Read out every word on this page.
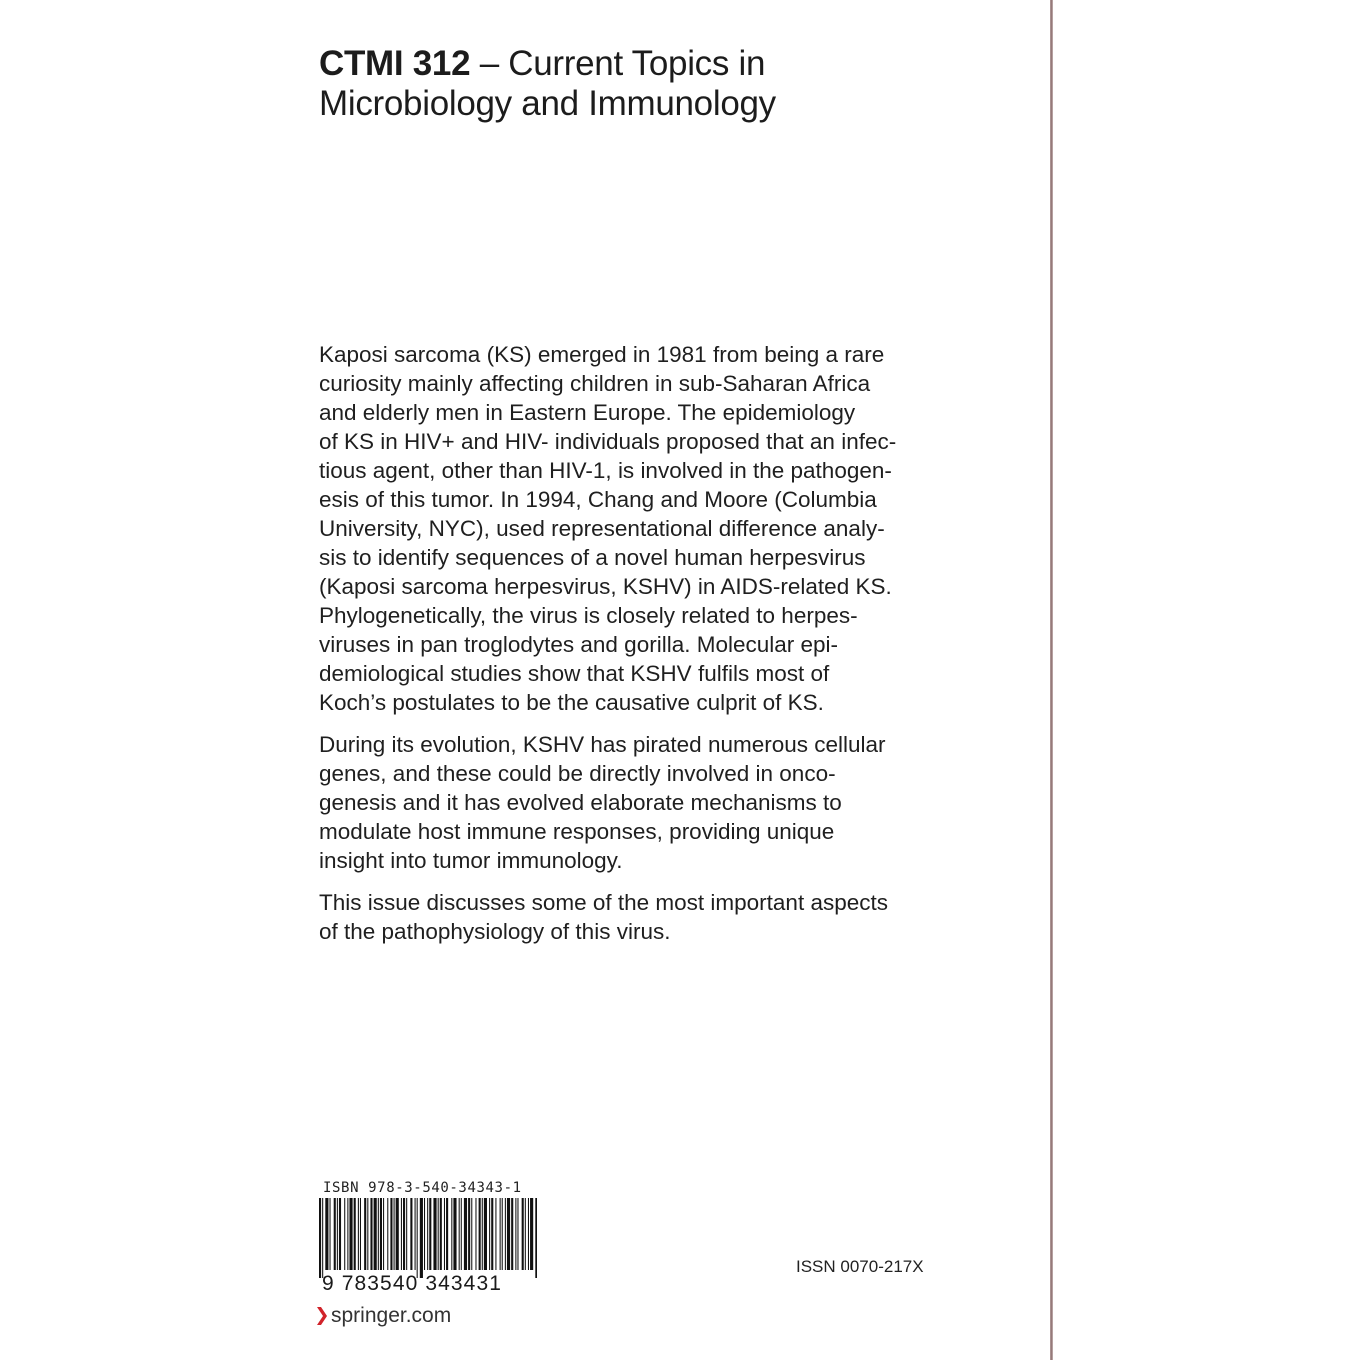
CTMI 312 – Current Topics in
Microbiology and Immunology

Kaposi sarcoma (KS) emerged in 1981 from being a rare
curiosity mainly affecting children in sub-Saharan Africa
and elderly men in Eastern Europe. The epidemiology
of KS in HIV+ and HIV- individuals proposed that an infec-
tious agent, other than HIV-1, is involved in the pathogen-
esis of this tumor. In 1994, Chang and Moore (Columbia
University, NYC), used representational difference analy-
sis to identify sequences of a novel human herpesvirus
(Kaposi sarcoma herpesvirus, KSHV) in AIDS-related KS.
Phylogenetically, the virus is closely related to herpes-
viruses in pan troglodytes and gorilla. Molecular epi-
demiological studies show that KSHV fulfils most of
Koch’s postulates to be the causative culprit of KS.

During its evolution, KSHV has pirated numerous cellular
genes, and these could be directly involved in onco-
genesis and it has evolved elaborate mechanisms to
modulate host immune responses, providing unique
insight into tumor immunology.

This issue discusses some of the most important aspects
of the pathophysiology of this virus.

ISBN 978-3-540-34343-1
9 783540 343431
ISSN 0070-217X
springer.com
